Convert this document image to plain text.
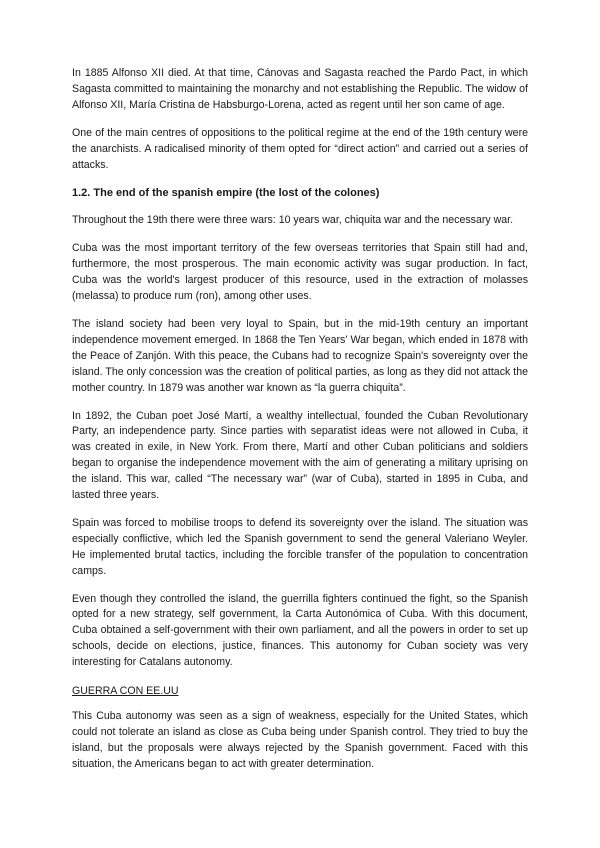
In 1885 Alfonso XII died. At that time, Cánovas and Sagasta reached the Pardo Pact, in which Sagasta committed to maintaining the monarchy and not establishing the Republic. The widow of Alfonso XII, María Cristina de Habsburgo-Lorena, acted as regent until her son came of age.

One of the main centres of oppositions to the political regime at the end of the 19th century were the anarchists. A radicalised minority of them opted for “direct action” and carried out a series of attacks.

1.2. The end of the spanish empire (the lost of the colones)

Throughout the 19th there were three wars: 10 years war, chiquita war and the necessary war.

Cuba was the most important territory of the few overseas territories that Spain still had and, furthermore, the most prosperous. The main economic activity was sugar production. In fact, Cuba was the world's largest producer of this resource, used in the extraction of molasses (melassa) to produce rum (ron), among other uses.

The island society had been very loyal to Spain, but in the mid-19th century an important independence movement emerged. In 1868 the Ten Years' War began, which ended in 1878 with the Peace of Zanjón. With this peace, the Cubans had to recognize Spain's sovereignty over the island. The only concession was the creation of political parties, as long as they did not attack the mother country. In 1879 was another war known as “la guerra chiquita”.

In 1892, the Cuban poet José Martí, a wealthy intellectual, founded the Cuban Revolutionary Party, an independence party. Since parties with separatist ideas were not allowed in Cuba, it was created in exile, in New York. From there, Martí and other Cuban politicians and soldiers began to organise the independence movement with the aim of generating a military uprising on the island. This war, called “The necessary war” (war of Cuba), started in 1895 in Cuba, and lasted three years.

Spain was forced to mobilise troops to defend its sovereignty over the island. The situation was especially conflictive, which led the Spanish government to send the general Valeriano Weyler. He implemented brutal tactics, including the forcible transfer of the population to concentration camps.

Even though they controlled the island, the guerrilla fighters continued the fight, so the Spanish opted for a new strategy, self government, la Carta Autonómica of Cuba. With this document, Cuba obtained a self-government with their own parliament, and all the powers in order to set up schools, decide on elections, justice, finances. This autonomy for Cuban society was very interesting for Catalans autonomy.

GUERRA CON EE.UU

This Cuba autonomy was seen as a sign of weakness, especially for the United States, which could not tolerate an island as close as Cuba being under Spanish control. They tried to buy the island, but the proposals were always rejected by the Spanish government. Faced with this situation, the Americans began to act with greater determination.
